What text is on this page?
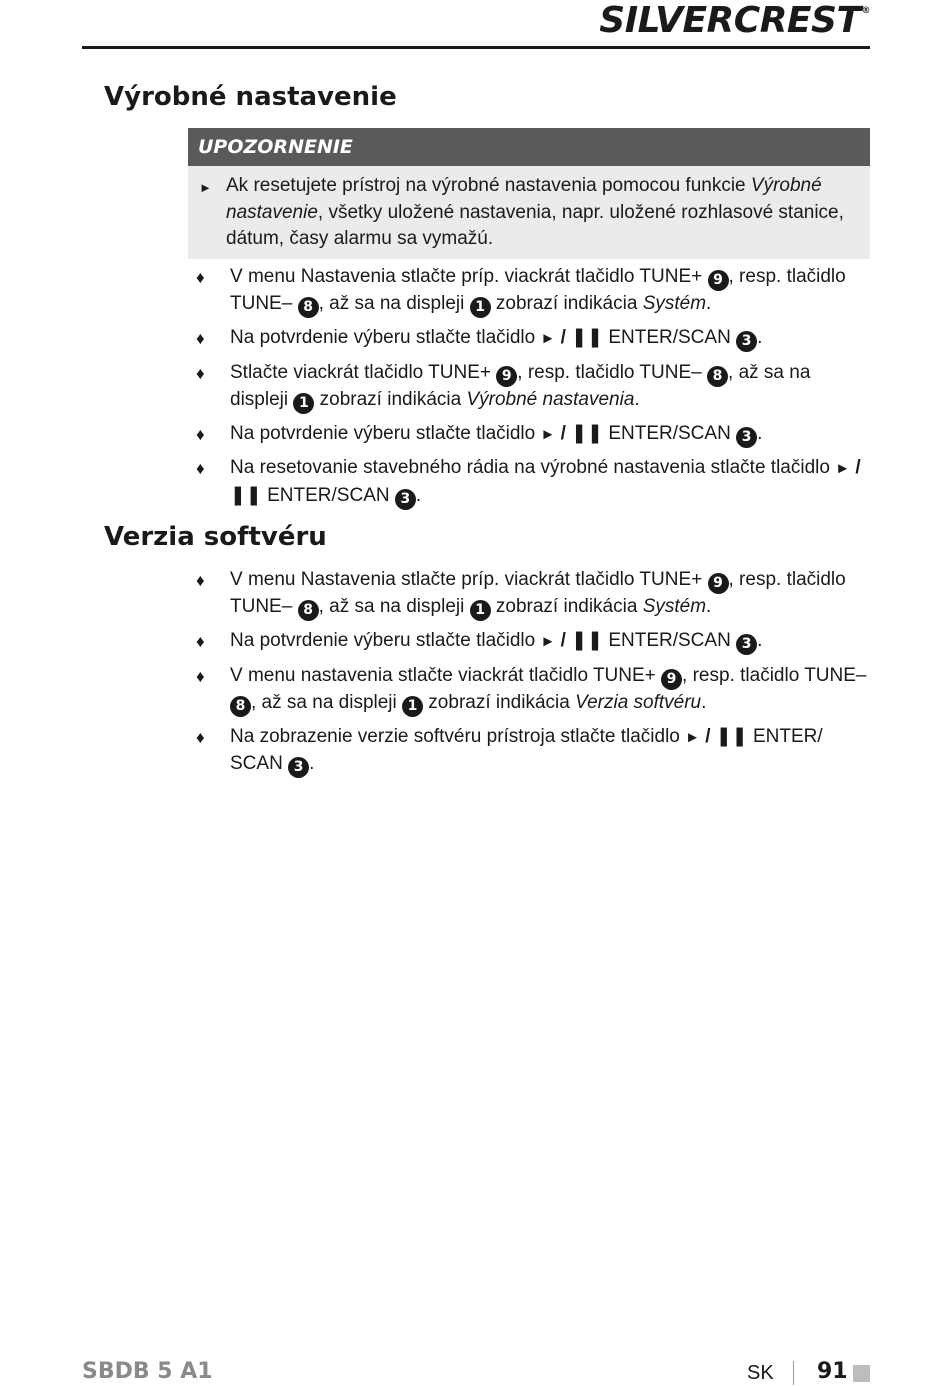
SILVERCREST®
Výrobné nastavenie
UPOZORNENIE
► Ak resetujete prístroj na výrobné nastavenia pomocou funkcie Výrobné nastavenie, všetky uložené nastavenia, napr. uložené rozhlasové stanice, dátum, časy alarmu sa vymažú.
♦ V menu Nastavenia stlačte príp. viackrát tlačidlo TUNE+ 9 , resp. tlačidlo TUNE– 8 , až sa na displeji 1 zobrazí indikácia Systém.
♦ Na potvrdenie výberu stlačte tlačidlo ► / ❚❚ ENTER/SCAN 3 .
♦ Stlačte viackrát tlačidlo TUNE+ 9 , resp. tlačidlo TUNE– 8 , až sa na displeji 1 zobrazí indikácia Výrobné nastavenia.
♦ Na potvrdenie výberu stlačte tlačidlo ► / ❚❚ ENTER/SCAN 3 .
♦ Na resetovanie stavebného rádia na výrobné nastavenia stlačte tlačidlo ► / ❚❚ ENTER/SCAN 3 .
Verzia softvéru
♦ V menu Nastavenia stlačte príp. viackrát tlačidlo TUNE+ 9 , resp. tlačidlo TUNE– 8 , až sa na displeji 1 zobrazí indikácia Systém.
♦ Na potvrdenie výberu stlačte tlačidlo ► / ❚❚ ENTER/SCAN 3 .
♦ V menu nastavenia stlačte viackrát tlačidlo TUNE+ 9 , resp. tlačidlo TUNE– 8 , až sa na displeji 1 zobrazí indikácia Verzia softvéru.
♦ Na zobrazenie verzie softvéru prístroja stlačte tlačidlo ► / ❚❚ ENTER/ SCAN 3 .
SBDB 5 A1	SK 91
